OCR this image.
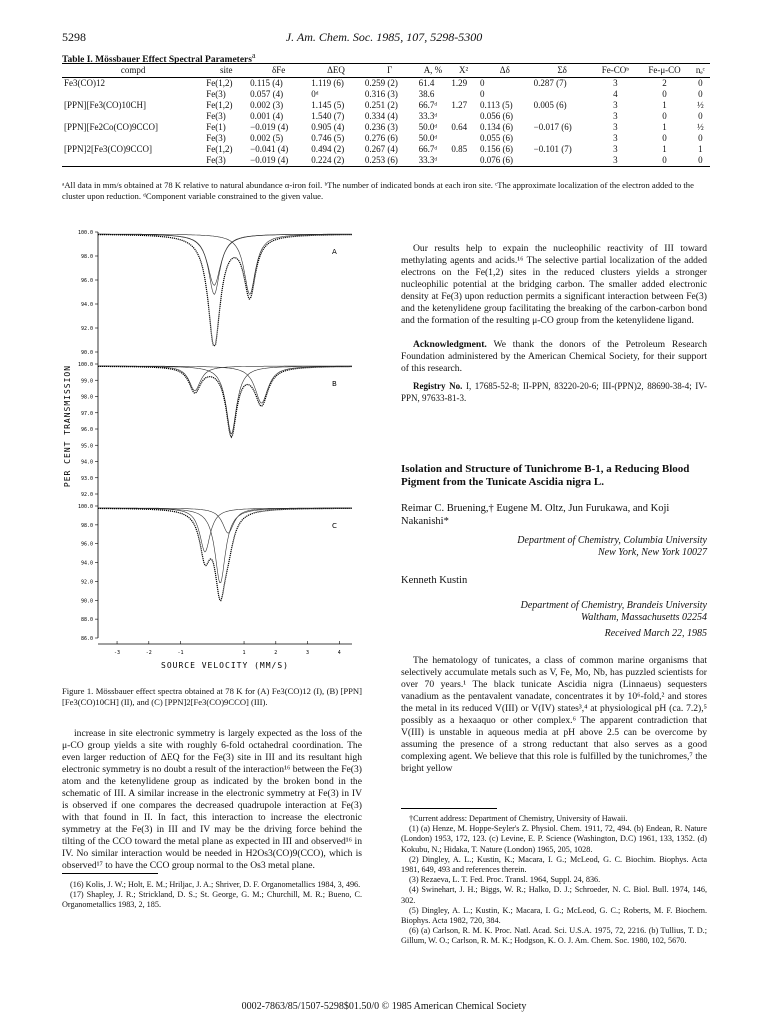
5298	J. Am. Chem. Soc. 1985, 107, 5298-5300
Table I. Mössbauer Effect Spectral Parameters$^a$
compd	site	δFe	ΔEQ	Γ	A, %	X²	Δδ	Σδ	Fe-COᵇ	Fe-μ-CO	nₑᶜ
Fe3(CO)12	Fe(1,2)	0.115 (4)	1.119 (6)	0.259 (2)	61.4	1.29	0	0.287 (7)	3	2	0
	Fe(3)	0.057 (4)	0ᵈ	0.316 (3)	38.6		0		4	0	0
[PPN][Fe3(CO)10CH]	Fe(1,2)	0.002 (3)	1.145 (5)	0.251 (2)	66.7ᵈ	1.27	0.113 (5)	0.005 (6)	3	1	½
	Fe(3)	0.001 (4)	1.540 (7)	0.334 (4)	33.3ᵈ		0.056 (6)		3	0	0
[PPN][Fe2Co(CO)9CCO]	Fe(1)	−0.019 (4)	0.905 (4)	0.236 (3)	50.0ᵈ	0.64	0.134 (6)	−0.017 (6)	3	1	½
	Fe(3)	0.002 (5)	0.746 (5)	0.276 (6)	50.0ᵈ		0.055 (6)		3	0	0
[PPN]2[Fe3(CO)9CCO]	Fe(1,2)	−0.041 (4)	0.494 (2)	0.267 (4)	66.7ᵈ	0.85	0.156 (6)	−0.101 (7)	3	1	1
	Fe(3)	−0.019 (4)	0.224 (2)	0.253 (6)	33.3ᵈ		0.076 (6)		3	0	0
ᵃAll data in mm/s obtained at 78 K relative to natural abundance α-iron foil. ᵇThe number of indicated bonds at each iron site. ᶜThe approximate localization of the electron added to the cluster upon reduction. ᵈComponent variable constrained to the given value.
100.0
98.0
96.0
94.0
92.0
90.0
A
100.0
99.0
98.0
97.0
96.0
95.0
94.0
93.0
92.0
B
100.0
98.0
96.0
94.0
92.0
90.0
88.0
86.0
C
-3	-2	-1	1	2	3	4
SOURCE VELOCITY (MM/S)
PER CENT TRANSMISSION
Figure 1. Mössbauer effect spectra obtained at 78 K for (A) Fe3(CO)12 (I), (B) [PPN][Fe3(CO)10CH] (II), and (C) [PPN]2[Fe3(CO)9CCO] (III).

increase in site electronic symmetry is largely expected as the loss of the μ-CO group yields a site with roughly 6-fold octahedral coordination. The even larger reduction of ΔEQ for the Fe(3) site in III and its resultant high electronic symmetry is no doubt a result of the interaction¹⁶ between the Fe(3) atom and the ketenylidene group as indicated by the broken bond in the schematic of III. A similar increase in the electronic symmetry at Fe(3) in IV is observed if one compares the decreased quadrupole interaction at Fe(3) with that found in II. In fact, this interaction to increase the electronic symmetry at the Fe(3) in III and IV may be the driving force behind the tilting of the CCO toward the metal plane as expected in III and observed¹⁶ in IV. No similar interaction would be needed in H2Os3(CO)9(CCO), which is observed¹⁷ to have the CCO group normal to the Os3 metal plane.

(16) Kolis, J. W.; Holt, E. M.; Hriljac, J. A.; Shriver, D. F. Organometallics 1984, 3, 496.

(17) Shapley, J. R.; Strickland, D. S.; St. George, G. M.; Churchill, M. R.; Bueno, C. Organometallics 1983, 2, 185.

Our results help to expain the nucleophilic reactivity of III toward methylating agents and acids.¹⁶ The selective partial localization of the added electrons on the Fe(1,2) sites in the reduced clusters yields a stronger nucleophilic potential at the bridging carbon. The smaller added electronic density at Fe(3) upon reduction permits a significant interaction between Fe(3) and the ketenylidene group facilitating the breaking of the carbon-carbon bond and the formation of the resulting μ-CO group from the ketenylidene ligand.

Acknowledgment. We thank the donors of the Petroleum Research Foundation administered by the American Chemical Society, for their support of this research.

Registry No. I, 17685-52-8; II-PPN, 83220-20-6; III-(PPN)2, 88690-38-4; IV-PPN, 97633-81-3.

Isolation and Structure of Tunichrome B-1, a Reducing Blood Pigment from the Tunicate Ascidia nigra L.
Reimar C. Bruening,† Eugene M. Oltz, Jun Furukawa, and Koji Nakanishi*
Department of Chemistry, Columbia University
New York, New York 10027
Kenneth Kustin
Department of Chemistry, Brandeis University
Waltham, Massachusetts 02254
Received March 22, 1985

The hematology of tunicates, a class of common marine organisms that selectively accumulate metals such as V, Fe, Mo, Nb, has puzzled scientists for over 70 years.¹ The black tunicate Ascidia nigra (Linnaeus) sequesters vanadium as the pentavalent vanadate, concentrates it by 10⁶-fold,² and stores the metal in its reduced V(III) or V(IV) states³,⁴ at physiological pH (ca. 7.2),⁵ possibly as a hexaaquo or other complex.⁶ The apparent contradiction that V(III) is unstable in aqueous media at pH above 2.5 can be overcome by assuming the presence of a strong reductant that also serves as a good complexing agent. We believe that this role is fulfilled by the tunichromes,⁷ the bright yellow

†Current address: Department of Chemistry, University of Hawaii.

(1) (a) Henze, M. Hoppe-Seyler's Z. Physiol. Chem. 1911, 72, 494. (b) Endean, R. Nature (London) 1953, 172, 123. (c) Levine, E. P. Science (Washington, D.C) 1961, 133, 1352. (d) Kokubu, N.; Hidaka, T. Nature (London) 1965, 205, 1028.

(2) Dingley, A. L.; Kustin, K.; Macara, I. G.; McLeod, G. C. Biochim. Biophys. Acta 1981, 649, 493 and references therein.

(3) Rezaeva, L. T. Fed. Proc. Transl. 1964, Suppl. 24, 836.

(4) Swinehart, J. H.; Biggs, W. R.; Halko, D. J.; Schroeder, N. C. Biol. Bull. 1974, 146, 302.

(5) Dingley, A. L.; Kustin, K.; Macara, I. G.; McLeod, G. C.; Roberts, M. F. Biochem. Biophys. Acta 1982, 720, 384.

(6) (a) Carlson, R. M. K. Proc. Natl. Acad. Sci. U.S.A. 1975, 72, 2216. (b) Tullius, T. D.; Gillum, W. O.; Carlson, R. M. K.; Hodgson, K. O. J. Am. Chem. Soc. 1980, 102, 5670.

0002-7863/85/1507-5298$01.50/0 © 1985 American Chemical Society
